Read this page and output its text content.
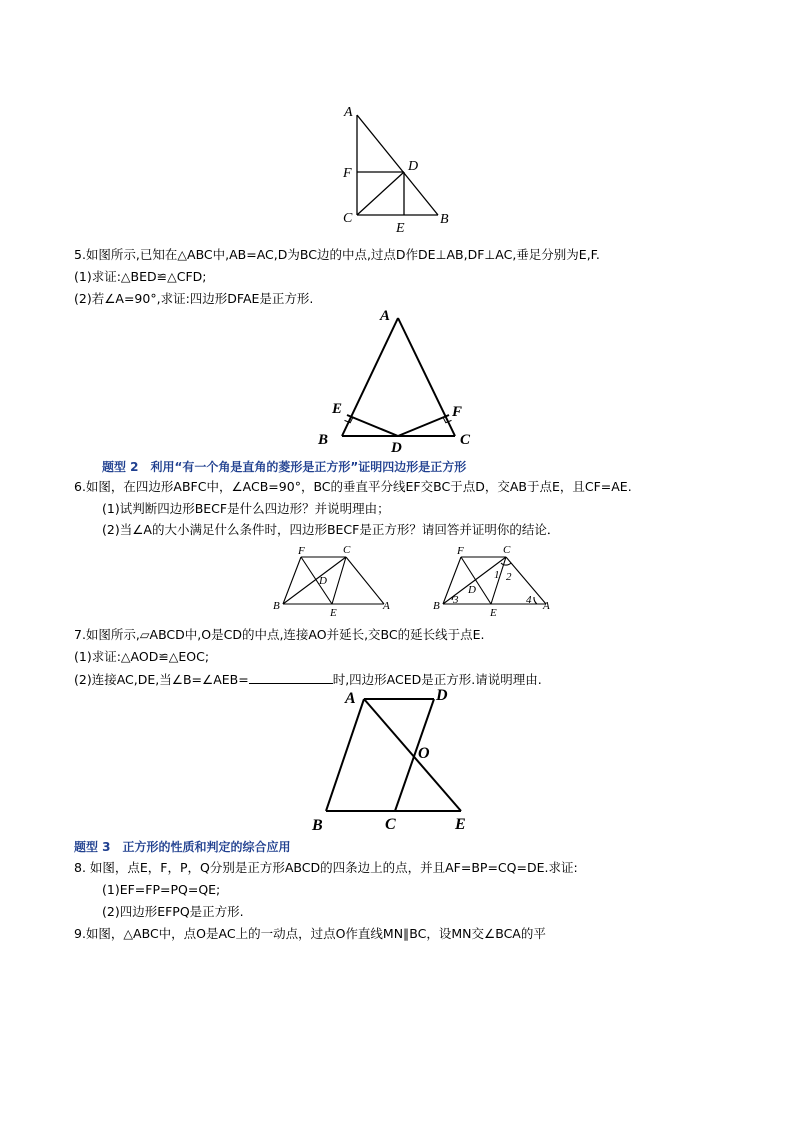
A
F	D
C
E
B
5.如图所示,已知在△ABC中,AB=AC,D为BC边的中点,过点D作DE⊥AB,DF⊥AC,垂足分别为E,F.
(1)求证:△BED≌△CFD;
(2)若∠A=90°,求证:四边形DFAE是正方形.
A
E	F
B	D	C
题型 2 利用“有一个角是直角的菱形是正方形”证明四边形是正方形
6.如图，在四边形ABFC中，∠ACB=90°，BC的垂直平分线EF交BC于点D，交AB于点E，且CF=AE.
(1)试判断四边形BECF是什么四边形？并说明理由；
(2)当∠A的大小满足什么条件时，四边形BECF是正方形？请回答并证明你的结论．
F	C
D
B
E
A
F	C
1 2
D
B 3
E
4 A
7.如图所示,▱ABCD中,O是CD的中点,连接AO并延长,交BC的延长线于点E.
(1)求证:△AOD≌△EOC;
(2)连接AC,DE,当∠B=∠AEB=	时,四边形ACED是正方形.请说明理由.
A	D
O
B	C	E
题型 3 正方形的性质和判定的综合应用
8. 如图，点E，F，P，Q分别是正方形ABCD的四条边上的点，并且AF=BP=CQ=DE.求证:
(1)EF=FP=PQ=QE;
(2)四边形EFPQ是正方形.
9.如图，△ABC中，点O是AC上的一动点，过点O作直线MN∥BC，设MN交∠BCA的平
